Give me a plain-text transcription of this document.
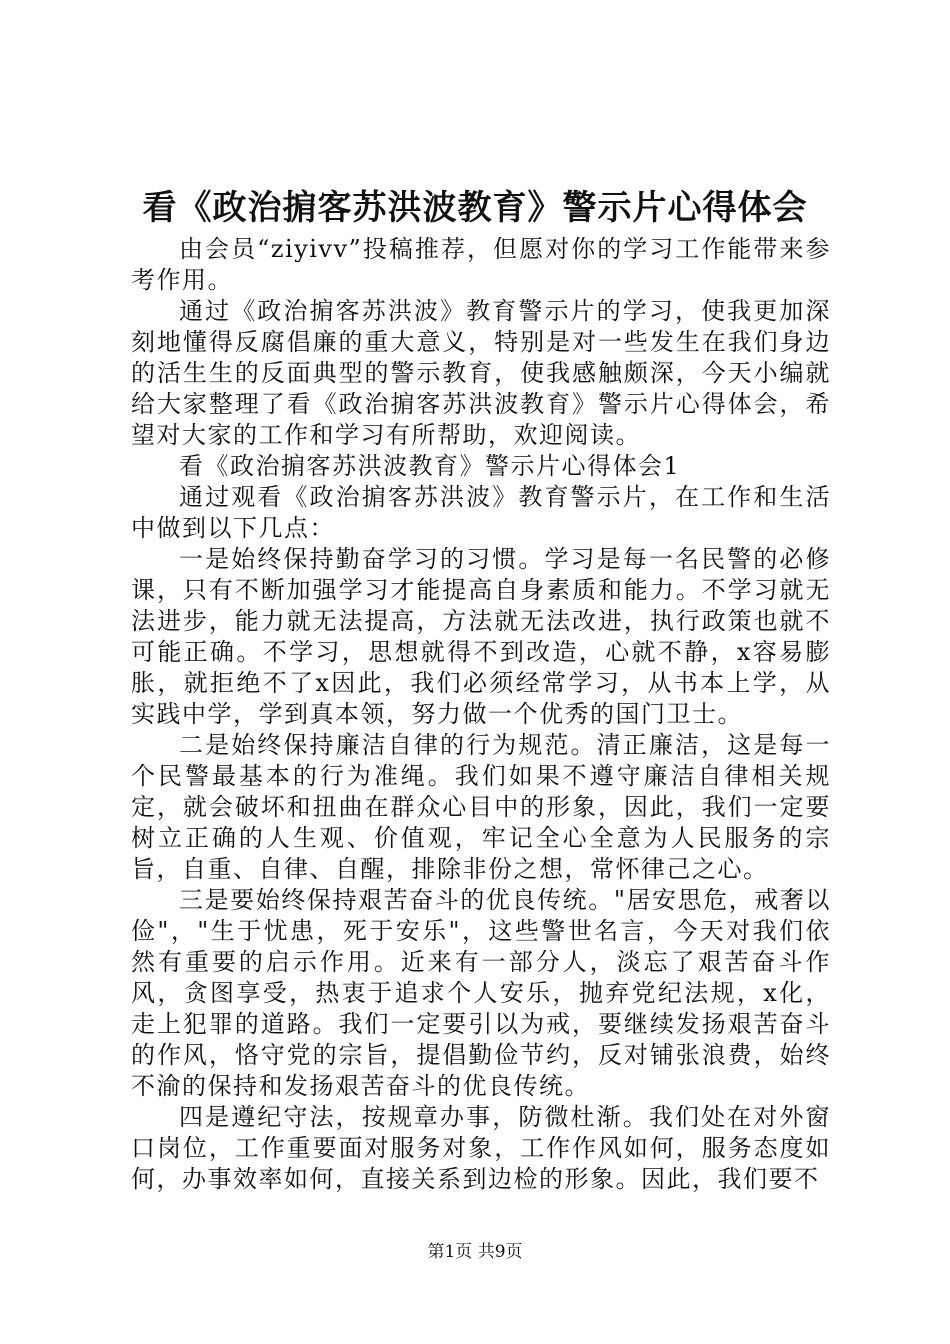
看《政治掮客苏洪波教育》警示片心得体会

由会员“ziyivv”投稿推荐，但愿对你的学习工作能带来参考作用。

通过《政治掮客苏洪波》教育警示片的学习，使我更加深刻地懂得反腐倡廉的重大意义，特别是对一些发生在我们身边的活生生的反面典型的警示教育，使我感触颇深，今天小编就给大家整理了看《政治掮客苏洪波教育》警示片心得体会，希望对大家的工作和学习有所帮助，欢迎阅读。

看《政治掮客苏洪波教育》警示片心得体会1

通过观看《政治掮客苏洪波》教育警示片，在工作和生活中做到以下几点：

一是始终保持勤奋学习的习惯。学习是每一名民警的必修课，只有不断加强学习才能提高自身素质和能力。不学习就无法进步，能力就无法提高，方法就无法改进，执行政策也就不可能正确。不学习，思想就得不到改造，心就不静，x容易膨胀，就拒绝不了x因此，我们必须经常学习，从书本上学，从实践中学，学到真本领，努力做一个优秀的国门卫士。

二是始终保持廉洁自律的行为规范。清正廉洁，这是每一个民警最基本的行为准绳。我们如果不遵守廉洁自律相关规定，就会破坏和扭曲在群众心目中的形象，因此，我们一定要树立正确的人生观、价值观，牢记全心全意为人民服务的宗旨，自重、自律、自醒，排除非份之想，常怀律己之心。

三是要始终保持艰苦奋斗的优良传统。"居安思危，戒奢以俭"，"生于忧患，死于安乐"，这些警世名言，今天对我们依然有重要的启示作用。近来有一部分人，淡忘了艰苦奋斗作风，贪图享受，热衷于追求个人安乐，抛弃党纪法规，x化，走上犯罪的道路。我们一定要引以为戒，要继续发扬艰苦奋斗的作风，恪守党的宗旨，提倡勤俭节约，反对铺张浪费，始终不渝的保持和发扬艰苦奋斗的优良传统。

四是遵纪守法，按规章办事，防微杜渐。我们处在对外窗口岗位，工作重要面对服务对象，工作作风如何，服务态度如何，办事效率如何，直接关系到边检的形象。因此，我们要不

第1页 共9页
